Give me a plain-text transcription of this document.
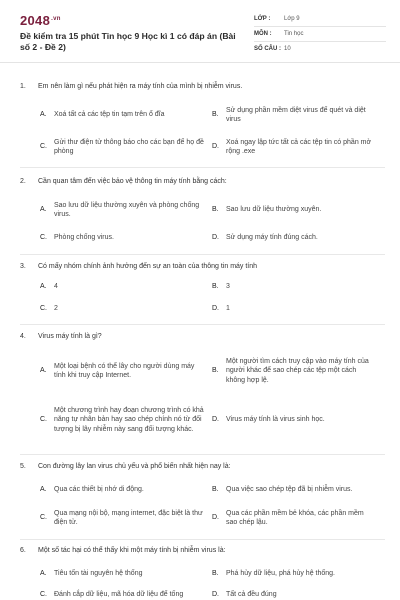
$2048^{.vn}$
Đề kiểm tra 15 phút Tin học 9 Học kì 1 có đáp án (Bài số 2 - Đề 2)
LỚP :	Lớp 9
MÔN :	Tin học
SỐ CÂU : 10
1.	Em nên làm gì nếu phát hiện ra máy tính của mình bị nhiễm virus.
A.	Xoá tất cả các tệp tin tạm trên ổ đĩa	B.
Sử dụng phần mềm diệt virus để quét và diệt virus
C.
Gửi thư điện tử thông báo cho các bạn để họ đề phòng
D.
Xoá ngay lập tức tất cả các tệp tin có phần mở rộng .exe
2.	Cần quan tâm đến việc bảo vệ thông tin máy tính bằng cách:
A.
Sao lưu dữ liệu thường xuyên và phòng chống virus.
B.	Sao lưu dữ liệu thường xuyên.
C.	Phòng chống virus.	D.	Sử dụng máy tính đúng cách.
3.	Có mấy nhóm chính ảnh hưởng đến sự an toàn của thông tin máy tính
A.	4	B.	3
C.	2	D.	1
4.	Virus máy tính là gì?
A.
Một loại bệnh có thể lây cho người dùng máy tính khi truy cập Internet.
B.
Một người tìm cách truy cập vào máy tính của người khác để sao chép các tệp một cách không hợp lệ.
C.
Một chương trình hay đoạn chương trình có khả năng tự nhân bản hay sao chép chính nó từ đối tượng bị lây nhiễm này sang đối tượng khác.
D.	Virus máy tính là virus sinh học.
5.	Con đường lây lan virus chủ yếu và phổ biến nhất hiện nay là:
A.	Qua các thiết bị nhớ di động.	B.	Qua việc sao chép tệp đã bị nhiễm virus.
C.
Qua mạng nội bộ, mạng internet, đặc biệt là thư điện tử.
D.
Qua các phần mềm bẻ khóa, các phần mềm sao chép lậu.
6.	Một số tác hại có thể thấy khi một máy tính bị nhiễm virus là:
A.	Tiêu tốn tài nguyên hệ thống	B.	Phá hủy dữ liệu, phá hủy hệ thống.
C.	Đánh cắp dữ liệu, mã hóa dữ liệu để tống	D.	Tất cả đều đúng
